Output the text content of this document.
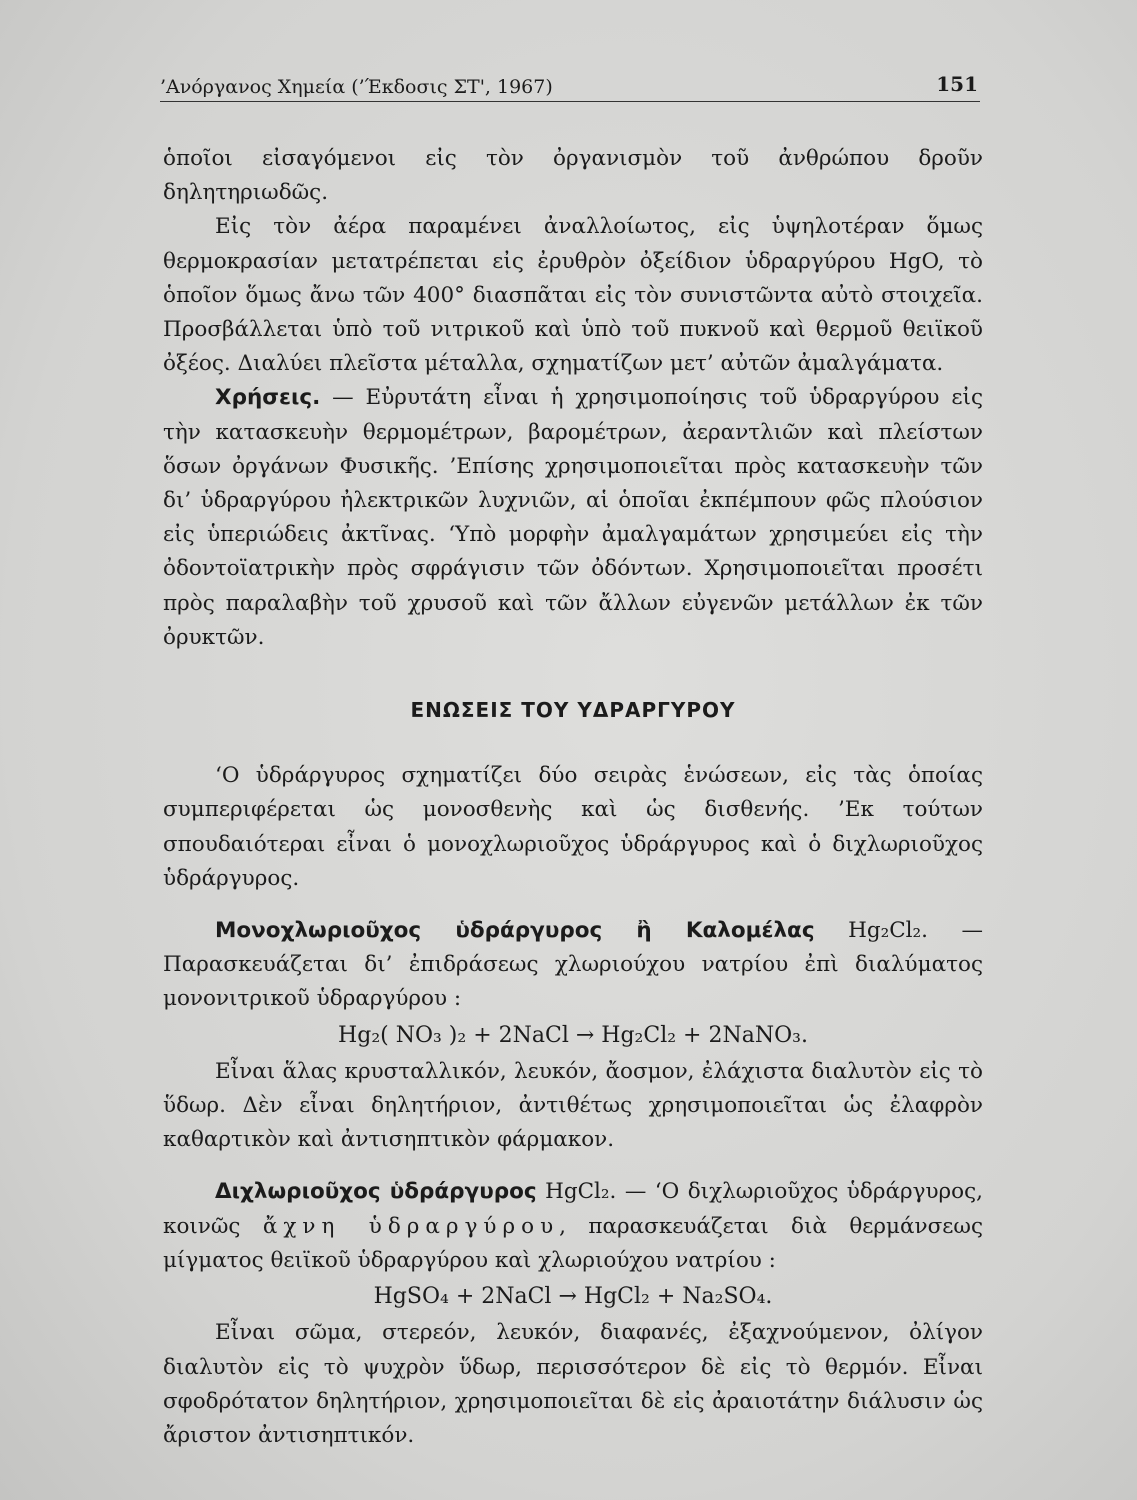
’Ανόργανος Χημεία (’Έκδοσις ΣΤ', 1967)	151

ὁποῖοι εἰσαγόμενοι εἰς τὸν ὀργανισμὸν τοῦ ἀνθρώπου δροῦν δηλητηριωδῶς.

Εἰς τὸν ἀέρα παραμένει ἀναλλοίωτος, εἰς ὑψηλοτέραν ὅμως θερμοκρασίαν μετατρέπεται εἰς ἐρυθρὸν ὀξείδιον ὑδραργύρου HgO, τὸ ὁποῖον ὅμως ἄνω τῶν 400° διασπᾶται εἰς τὸν συνιστῶντα αὐτὸ στοιχεῖα. Προσβάλλεται ὑπὸ τοῦ νιτρικοῦ καὶ ὑπὸ τοῦ πυκνοῦ καὶ θερμοῦ θειϊκοῦ ὀξέος. Διαλύει πλεῖστα μέταλλα, σχηματίζων μετ’ αὐτῶν ἀμαλγάματα.

Χρήσεις. — Εὐρυτάτη εἶναι ἡ χρησιμοποίησις τοῦ ὑδραργύρου εἰς τὴν κατασκευὴν θερμομέτρων, βαρομέτρων, ἀεραντλιῶν καὶ πλείστων ὅσων ὀργάνων Φυσικῆς. ’Επίσης χρησιμοποιεῖται πρὸς κατασκευὴν τῶν δι’ ὑδραργύρου ἠλεκτρικῶν λυχνιῶν, αἱ ὁποῖαι ἐκπέμπουν φῶς πλούσιον εἰς ὑπεριώδεις ἀκτῖνας. ‘Υπὸ μορφὴν ἀμαλγαμάτων χρησιμεύει εἰς τὴν ὀδοντοϊατρικὴν πρὸς σφράγισιν τῶν ὀδόντων. Χρησιμοποιεῖται προσέτι πρὸς παραλαβὴν τοῦ χρυσοῦ καὶ τῶν ἄλλων εὐγενῶν μετάλλων ἐκ τῶν ὀρυκτῶν.

ΕΝΩΣΕΙΣ ΤΟΥ ΥΔΡΑΡΓΥΡΟΥ

‘Ο ὑδράργυρος σχηματίζει δύο σειρὰς ἑνώσεων, εἰς τὰς ὁποίας συμπεριφέρεται ὡς μονοσθενὴς καὶ ὡς δισθενής. ’Εκ τούτων σπουδαιότεραι εἶναι ὁ μονοχλωριοῦχος ὑδράργυρος καὶ ὁ διχλωριοῦχος ὑδράργυρος.

Μονοχλωριοῦχος ὑδράργυρος ἢ Καλομέλας Hg₂Cl₂. — Παρασκευάζεται δι’ ἐπιδράσεως χλωριούχου νατρίου ἐπὶ διαλύματος μονονιτρικοῦ ὑδραργύρου :

Hg₂( NO₃ )₂ + 2NaCl → Hg₂Cl₂ + 2NaNO₃.

Εἶναι ἅλας κρυσταλλικόν, λευκόν, ἄοσμον, ἐλάχιστα διαλυτὸν εἰς τὸ ὕδωρ. Δὲν εἶναι δηλητήριον, ἀντιθέτως χρησιμοποιεῖται ὡς ἐλαφρὸν καθαρτικὸν καὶ ἀντισηπτικὸν φάρμακον.

Διχλωριοῦχος ὑδράργυρος HgCl₂. — ‘Ο διχλωριοῦχος ὑδράργυρος, κοινῶς ἄχνη ὑδραργύρου, παρασκευάζεται διὰ θερμάνσεως μίγματος θειϊκοῦ ὑδραργύρου καὶ χλωριούχου νατρίου :

HgSO₄ + 2NaCl → HgCl₂ + Na₂SO₄.

Εἶναι σῶμα, στερεόν, λευκόν, διαφανές, ἐξαχνούμενον, ὀλίγον διαλυτὸν εἰς τὸ ψυχρὸν ὕδωρ, περισσότερον δὲ εἰς τὸ θερμόν. Εἶναι σφοδρότατον δηλητήριον, χρησιμοποιεῖται δὲ εἰς ἀραιοτάτην διάλυσιν ὡς ἄριστον ἀντισηπτικόν.
